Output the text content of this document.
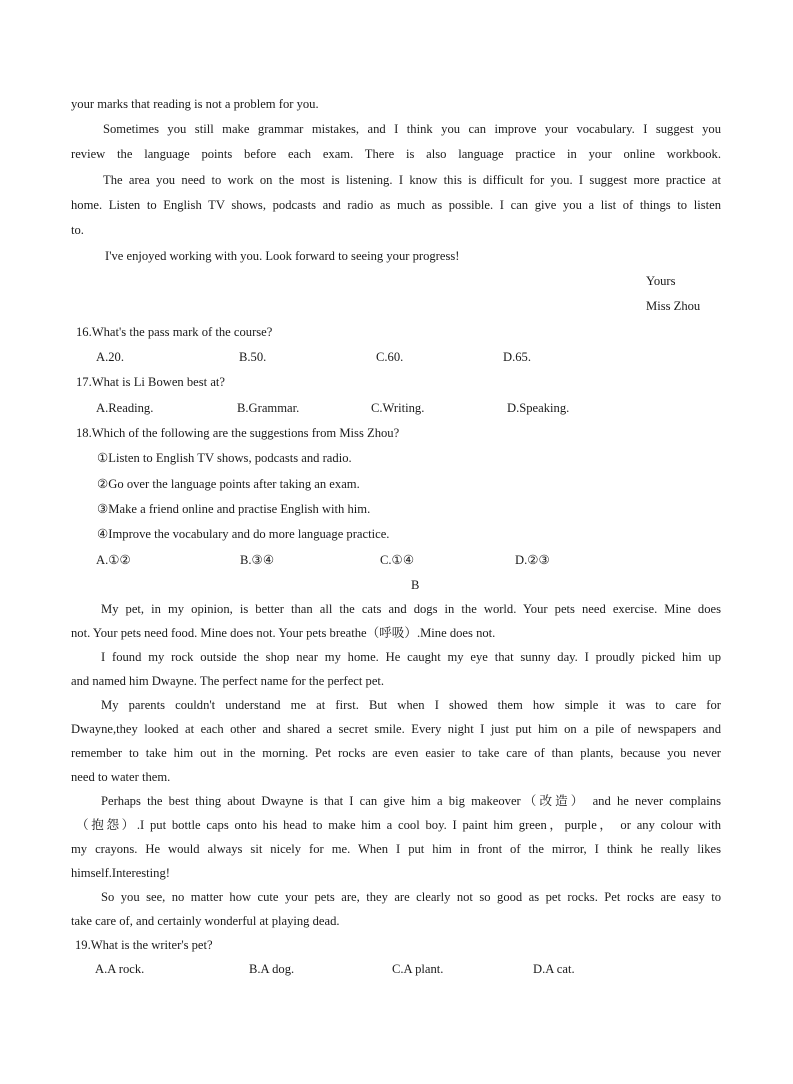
your marks that reading is not a problem for you.
Sometimes you still make grammar mistakes, and I think you can improve your vocabulary. I suggest you
review the language points before each exam. There is also language practice in your online workbook.
The area you need to work on the most is listening. I know this is difficult for you. I suggest more practice at
home. Listen to English TV shows, podcasts and radio as much as possible. I can give you a list of things to listen
to.
I've enjoyed working with you. Look forward to seeing your progress!
Yours
Miss Zhou
16.What's the pass mark of the course?
A.20.	B.50.	C.60.	D.65.
17.What is Li Bowen best at?
A.Reading.	B.Grammar.	C.Writing.	D.Speaking.
18.Which of the following are the suggestions from Miss Zhou?
①Listen to English TV shows, podcasts and radio.
②Go over the language points after taking an exam.
③Make a friend online and practise English with him.
④Improve the vocabulary and do more language practice.
A.①②	B.③④	C.①④	D.②③
B
My pet, in my opinion, is better than all the cats and dogs in the world. Your pets need exercise. Mine does
not. Your pets need food. Mine does not. Your pets breathe（呼吸）.Mine does not.
I found my rock outside the shop near my home. He caught my eye that sunny day. I proudly picked him up
and named him Dwayne. The perfect name for the perfect pet.
My parents couldn't understand me at first. But when I showed them how simple it was to care for
Dwayne,they looked at each other and shared a secret smile. Every night I just put him on a pile of newspapers and
remember to take him out in the morning. Pet rocks are even easier to take care of than plants, because you never
need to water them.
Perhaps the best thing about Dwayne is that I can give him a big makeover（改造） and he never complains
（抱怨）.I put bottle caps onto his head to make him a cool boy. I paint him green，purple， or any colour with
my crayons. He would always sit nicely for me. When I put him in front of the mirror, I think he really likes
himself.Interesting!
So you see, no matter how cute your pets are, they are clearly not so good as pet rocks. Pet rocks are easy to
take care of, and certainly wonderful at playing dead.
19.What is the writer's pet?
A.A rock.	B.A dog.	C.A plant.	D.A cat.
